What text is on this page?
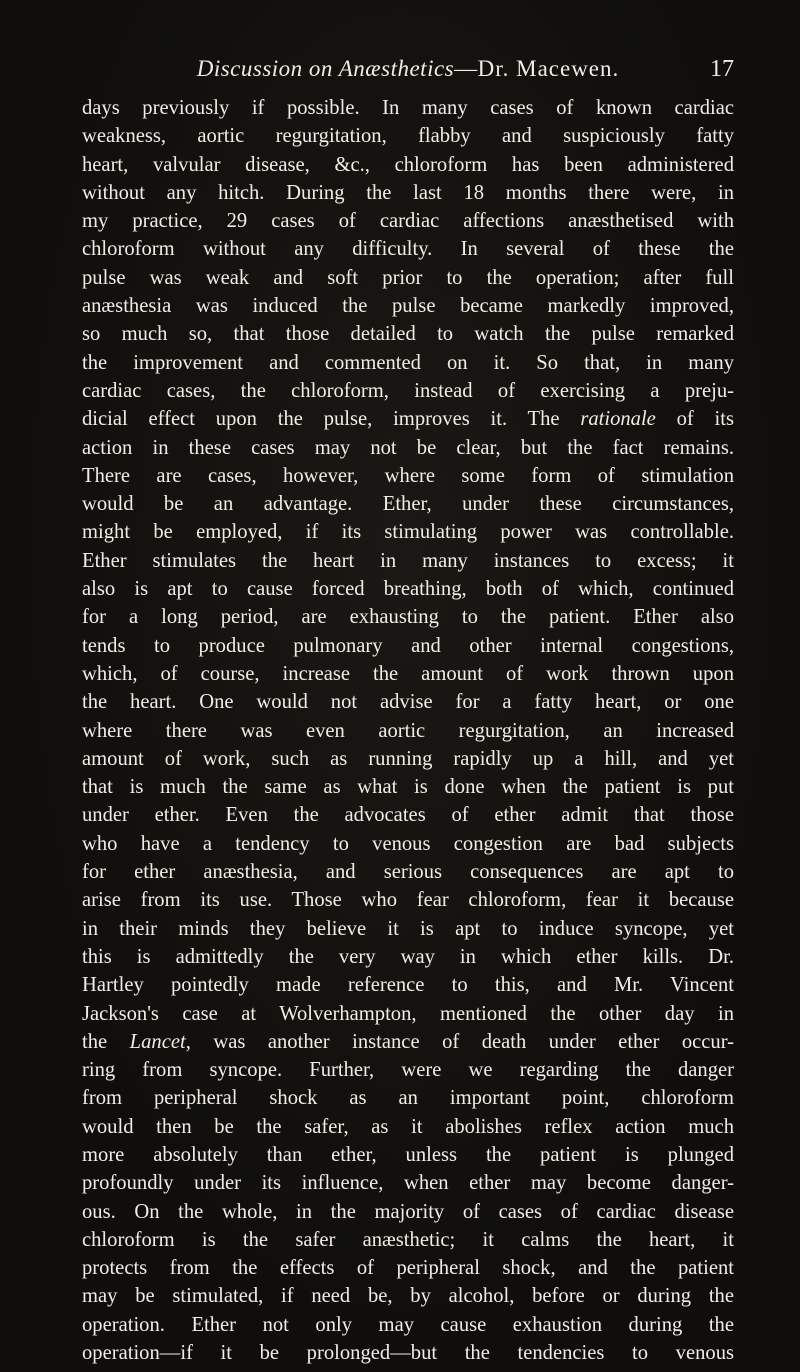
Discussion on Anæsthetics—Dr. Macewen.	17
days previously if possible. In many cases of known cardiac
weakness, aortic regurgitation, flabby and suspiciously fatty
heart, valvular disease, &c., chloroform has been administered
without any hitch. During the last 18 months there were, in
my practice, 29 cases of cardiac affections anæsthetised with
chloroform without any difficulty. In several of these the
pulse was weak and soft prior to the operation; after full
anæsthesia was induced the pulse became markedly improved,
so much so, that those detailed to watch the pulse remarked
the improvement and commented on it. So that, in many
cardiac cases, the chloroform, instead of exercising a preju-
dicial effect upon the pulse, improves it. The rationale of its
action in these cases may not be clear, but the fact remains.
There are cases, however, where some form of stimulation
would be an advantage. Ether, under these circumstances,
might be employed, if its stimulating power was controllable.
Ether stimulates the heart in many instances to excess; it
also is apt to cause forced breathing, both of which, continued
for a long period, are exhausting to the patient. Ether also
tends to produce pulmonary and other internal congestions,
which, of course, increase the amount of work thrown upon
the heart. One would not advise for a fatty heart, or one
where there was even aortic regurgitation, an increased
amount of work, such as running rapidly up a hill, and yet
that is much the same as what is done when the patient is put
under ether. Even the advocates of ether admit that those
who have a tendency to venous congestion are bad subjects
for ether anæsthesia, and serious consequences are apt to
arise from its use. Those who fear chloroform, fear it because
in their minds they believe it is apt to induce syncope, yet
this is admittedly the very way in which ether kills. Dr.
Hartley pointedly made reference to this, and Mr. Vincent
Jackson's case at Wolverhampton, mentioned the other day in
the Lancet, was another instance of death under ether occur-
ring from syncope. Further, were we regarding the danger
from peripheral shock as an important point, chloroform
would then be the safer, as it abolishes reflex action much
more absolutely than ether, unless the patient is plunged
profoundly under its influence, when ether may become danger-
ous. On the whole, in the majority of cases of cardiac disease
chloroform is the safer anæsthetic; it calms the heart, it
protects from the effects of peripheral shock, and the patient
may be stimulated, if need be, by alcohol, before or during the
operation. Ether not only may cause exhaustion during the
operation—if it be prolonged—but the tendencies to venous
